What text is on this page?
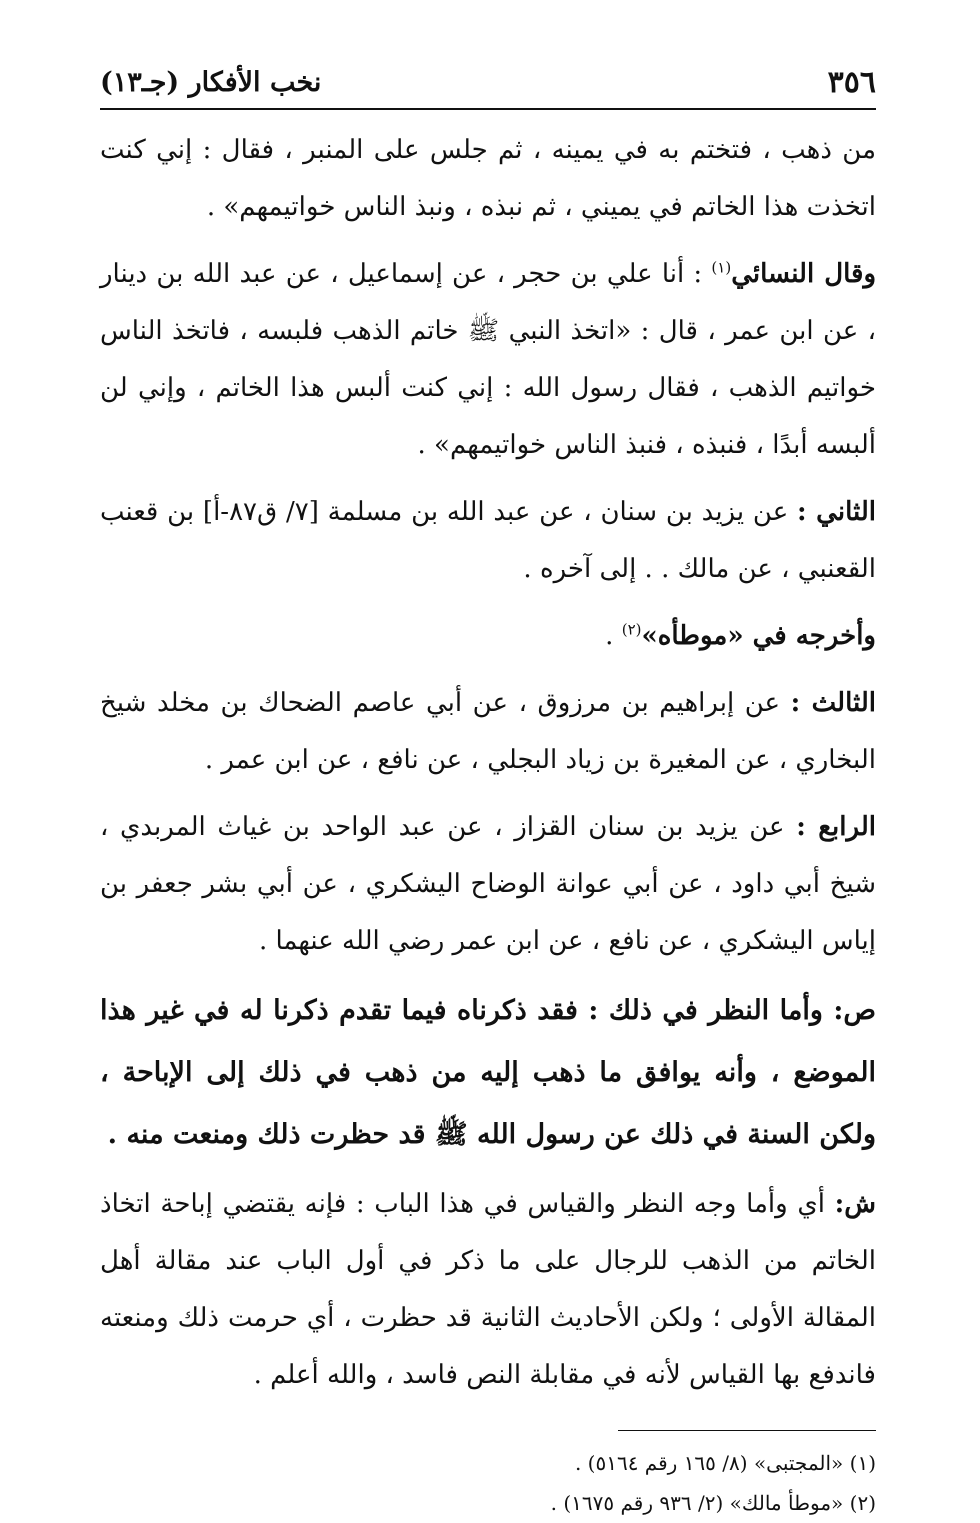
٣٥٦
نخب الأفكار (جـ١٣)

من ذهب ، فتختم به في يمينه ، ثم جلس على المنبر ، فقال : إني كنت اتخذت هذا الخاتم في يميني ، ثم نبذه ، ونبذ الناس خواتيمهم» .

وقال النسائي$^{(١)}$ : أنا علي بن حجر ، عن إسماعيل ، عن عبد الله بن دينار ، عن ابن عمر ، قال : «اتخذ النبي ﷺ خاتم الذهب فلبسه ، فاتخذ الناس خواتيم الذهب ، فقال رسول الله : إني كنت ألبس هذا الخاتم ، وإني لن ألبسه أبدًا ، فنبذه ، فنبذ الناس خواتيمهم» .

الثاني : عن يزيد بن سنان ، عن عبد الله بن مسلمة [٧/ ق٨٧-أ] بن قعنب القعنبي ، عن مالك . . إلى آخره .

وأخرجه في «موطأه»$^{(٢)}$ .

الثالث : عن إبراهيم بن مرزوق ، عن أبي عاصم الضحاك بن مخلد شيخ البخاري ، عن المغيرة بن زياد البجلي ، عن نافع ، عن ابن عمر .

الرابع : عن يزيد بن سنان القزاز ، عن عبد الواحد بن غياث المربدي ، شيخ أبي داود ، عن أبي عوانة الوضاح اليشكري ، عن أبي بشر جعفر بن إياس اليشكري ، عن نافع ، عن ابن عمر رضي الله عنهما .

ص: وأما النظر في ذلك : فقد ذكرناه فيما تقدم ذكرنا له في غير هذا الموضع ، وأنه يوافق ما ذهب إليه من ذهب في ذلك إلى الإباحة ، ولكن السنة في ذلك عن رسول الله ﷺ قد حظرت ذلك ومنعت منه .

ش: أي وأما وجه النظر والقياس في هذا الباب : فإنه يقتضي إباحة اتخاذ الخاتم من الذهب للرجال على ما ذكر في أول الباب عند مقالة أهل المقالة الأولى ؛ ولكن الأحاديث الثانية قد حظرت ، أي حرمت ذلك ومنعته فاندفع بها القياس لأنه في مقابلة النص فاسد ، والله أعلم .

(١) «المجتبى» (٨/ ١٦٥ رقم ٥١٦٤) .
(٢) «موطأ مالك» (٢/ ٩٣٦ رقم ١٦٧٥) .
